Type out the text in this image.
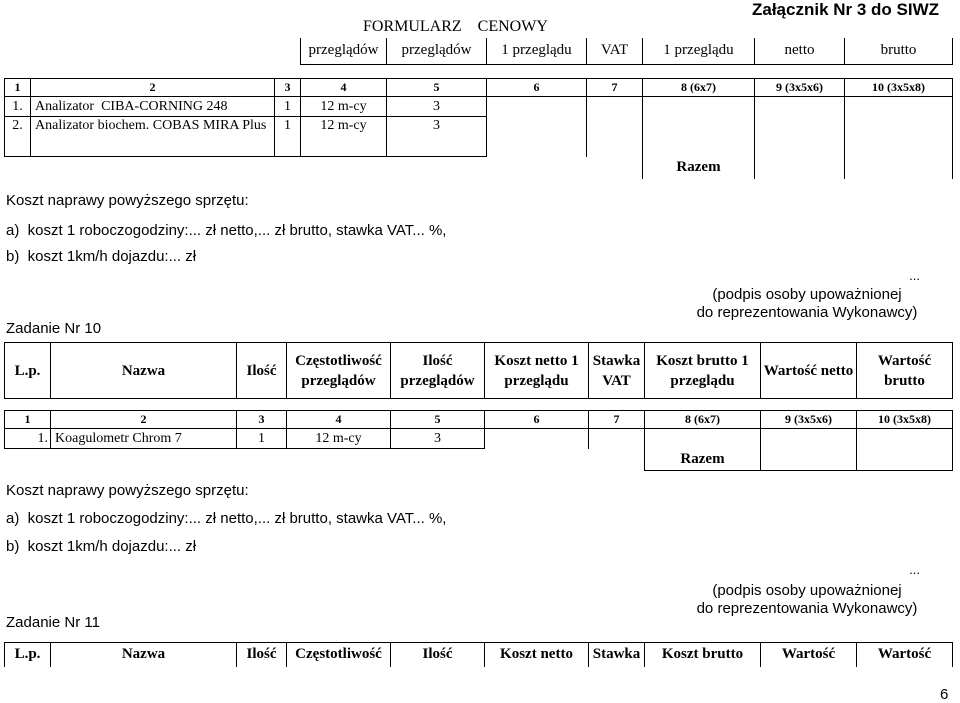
Załącznik Nr 3 do SIWZ
FORMULARZ    CENOWY
przeglądów	przeglądów	1 przeglądu	VAT	1 przeglądu	netto	brutto
1	2	3	4	5	6	7	8 (6x7)	9 (3x5x6)	10 (3x5x8)
1.	Analizator  CIBA-CORNING 248	1	12 m-cy	3					
2.	Analizator biochem. COBAS MIRA Plus	1	12 m-cy	3					
							Razem		
Koszt naprawy powyższego sprzętu:
a)  koszt 1 roboczogodziny:... zł netto,... zł brutto, stawka VAT... %,
b)  koszt 1km/h dojazdu:... zł
...
(podpis osoby upoważnionej
do reprezentowania Wykonawcy)
Zadanie Nr 10
L.p.	Nazwa	Ilość	Częstotliwość przeglądów	Ilość przeglądów	Koszt netto 1 przeglądu	Stawka VAT	Koszt brutto 1 przeglądu	Wartość netto	Wartość brutto

1	2	3	4	5	6	7	8 (6x7)	9 (3x5x6)	10 (3x5x8)
1.	Koagulometr Chrom 7	1	12 m-cy	3					
							Razem		
Koszt naprawy powyższego sprzętu:
a)  koszt 1 roboczogodziny:... zł netto,... zł brutto, stawka VAT... %,
b)  koszt 1km/h dojazdu:... zł
...
(podpis osoby upoważnionej
do reprezentowania Wykonawcy)
Zadanie Nr 11
L.p.	Nazwa	Ilość	Częstotliwość	Ilość	Koszt netto	Stawka	Koszt brutto	Wartość	Wartość
6
